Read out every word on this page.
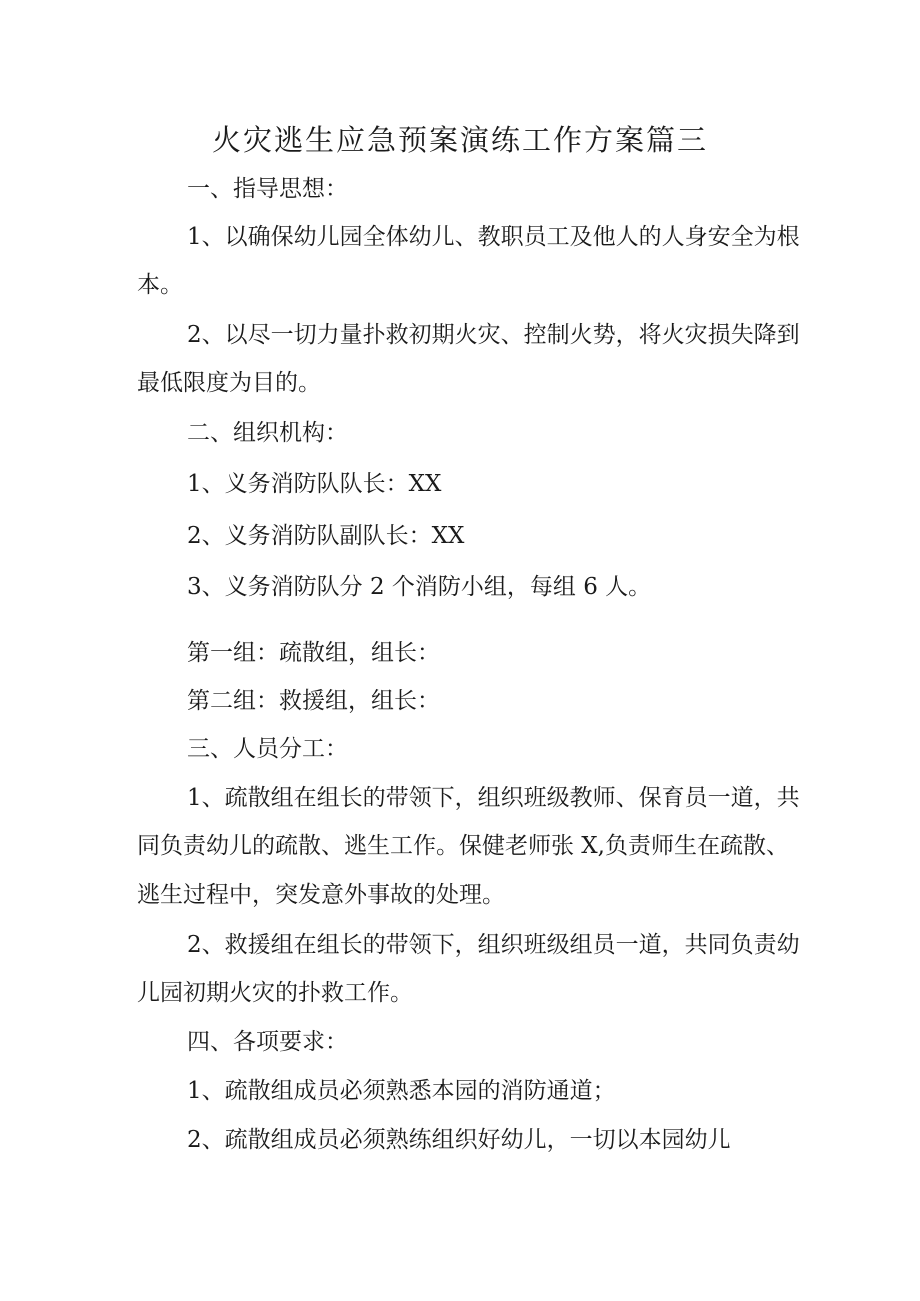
火灾逃生应急预案演练工作方案篇三
一、指导思想：
1、以确保幼儿园全体幼儿、教职员工及他人的人身安全为根
本。
2、以尽一切力量扑救初期火灾、控制火势，将火灾损失降到
最低限度为目的。
二、组织机构：
1、义务消防队队长：XX
2、义务消防队副队长：XX
3、义务消防队分 2 个消防小组，每组 6 人。
第一组：疏散组，组长：
第二组：救援组，组长：
三、人员分工：
1、疏散组在组长的带领下，组织班级教师、保育员一道，共
同负责幼儿的疏散、逃生工作。保健老师张 X,负责师生在疏散、
逃生过程中，突发意外事故的处理。
2、救援组在组长的带领下，组织班级组员一道，共同负责幼
儿园初期火灾的扑救工作。
四、各项要求：
1、疏散组成员必须熟悉本园的消防通道；
2、疏散组成员必须熟练组织好幼儿，一切以本园幼儿
